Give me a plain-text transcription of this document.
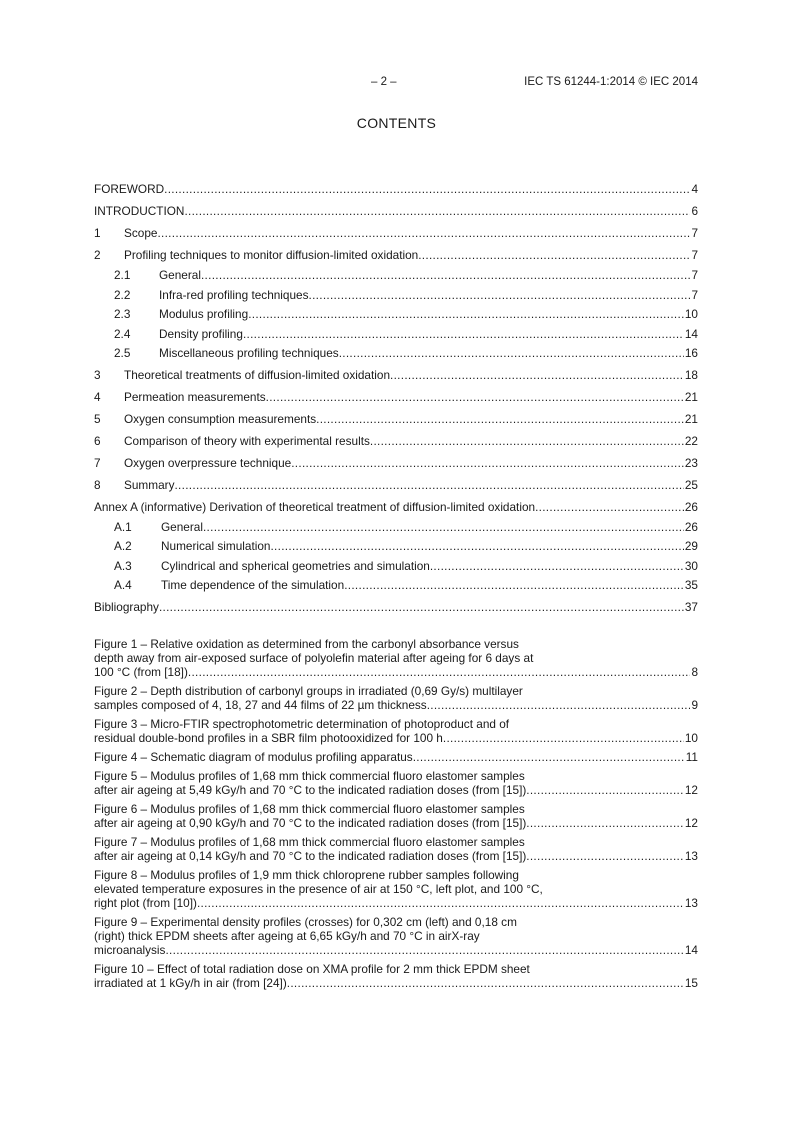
– 2 –	IEC TS 61244-1:2014 © IEC 2014
CONTENTS
FOREWORD .....	4
INTRODUCTION .....	6
1	Scope .....	7
2	Profiling techniques to monitor diffusion-limited oxidation .....	7
2.1	General .....	7
2.2	Infra-red profiling techniques .....	7
2.3	Modulus profiling .....	10
2.4	Density profiling .....	14
2.5	Miscellaneous profiling techniques .....	16
3	Theoretical treatments of diffusion-limited oxidation .....	18
4	Permeation measurements .....	21
5	Oxygen consumption measurements .....	21
6	Comparison of theory with experimental results .....	22
7	Oxygen overpressure technique .....	23
8	Summary .....	25
Annex A (informative) Derivation of theoretical treatment of diffusion-limited oxidation .....	26
A.1	General .....	26
A.2	Numerical simulation .....	29
A.3	Cylindrical and spherical geometries and simulation .....	30
A.4	Time dependence of the simulation .....	35
Bibliography .....	37
Figure 1 – Relative oxidation as determined from the carbonyl absorbance versus
depth away from air-exposed surface of polyolefin material after ageing for 6 days at
100 °C (from [18]) .....	8
Figure 2 – Depth distribution of carbonyl groups in irradiated (0,69 Gy/s) multilayer
samples composed of 4, 18, 27 and 44 films of 22 µm thickness .....	9
Figure 3 – Micro-FTIR spectrophotometric determination of photoproduct and of
residual double-bond profiles in a SBR film photooxidized for 100 h .....	10
Figure 4 – Schematic diagram of modulus profiling apparatus .....	11
Figure 5 – Modulus profiles of 1,68 mm thick commercial fluoro elastomer samples
after air ageing at 5,49 kGy/h and 70 °C to the indicated radiation doses (from [15]) .....	12
Figure 6 – Modulus profiles of 1,68 mm thick commercial fluoro elastomer samples
after air ageing at 0,90 kGy/h and 70 °C to the indicated radiation doses (from [15]) .....	12
Figure 7 – Modulus profiles of 1,68 mm thick commercial fluoro elastomer samples
after air ageing at 0,14 kGy/h and 70 °C to the indicated radiation doses (from [15]) .....	13
Figure 8 – Modulus profiles of 1,9 mm thick chloroprene rubber samples following
elevated temperature exposures in the presence of air at 150 °C, left plot, and 100 °C,
right plot (from [10]) .....	13
Figure 9 – Experimental density profiles (crosses) for 0,302 cm (left) and 0,18 cm
(right) thick EPDM sheets after ageing at 6,65 kGy/h and 70 °C in airX-ray
microanalysis .....	14
Figure 10 – Effect of total radiation dose on XMA profile for 2 mm thick EPDM sheet
irradiated at 1 kGy/h in air (from [24]) .....	15
